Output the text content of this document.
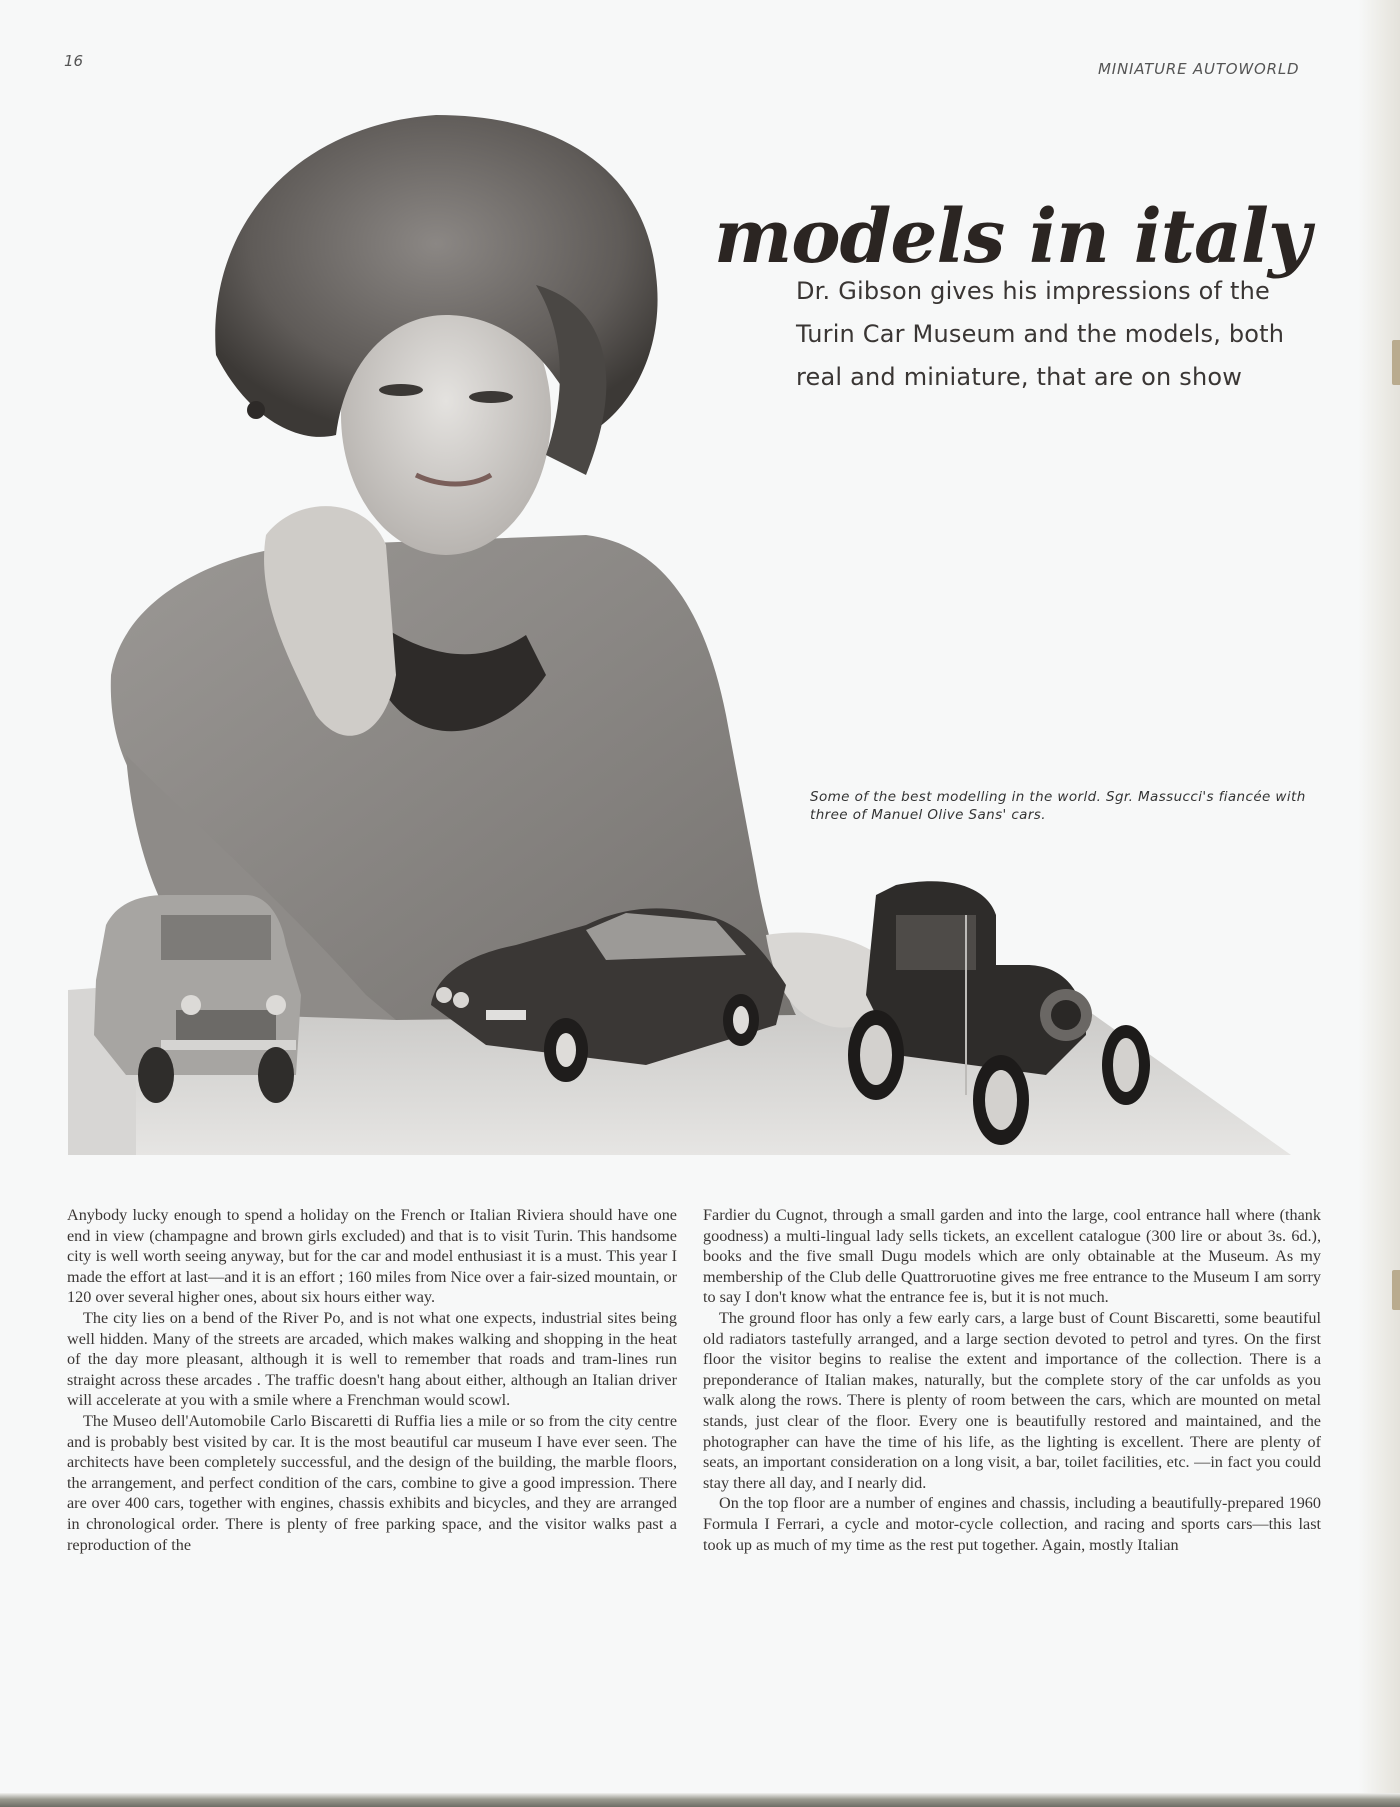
16	MINIATURE AUTOWORLD
models in italy
Dr. Gibson gives his impressions of the Turin Car Museum and the models, both real and miniature, that are on show
Some of the best modelling in the world. Sgr. Massucci's fiancée with three of Manuel Olive Sans' cars.

Anybody lucky enough to spend a holiday on the French or Italian Riviera should have one end in view (champagne and brown girls excluded) and that is to visit Turin. This handsome city is well worth seeing anyway, but for the car and model enthusiast it is a must. This year I made the effort at last—and it is an effort ; 160 miles from Nice over a fair-sized mountain, or 120 over several higher ones, about six hours either way.

The city lies on a bend of the River Po, and is not what one expects, industrial sites being well hidden. Many of the streets are arcaded, which makes walking and shopping in the heat of the day more pleasant, although it is well to remember that roads and tram-lines run straight across these arcades . The traffic doesn't hang about either, although an Italian driver will accelerate at you with a smile where a Frenchman would scowl.

The Museo dell'Automobile Carlo Biscaretti di Ruffia lies a mile or so from the city centre and is probably best visited by car. It is the most beautiful car museum I have ever seen. The architects have been completely successful, and the design of the building, the marble floors, the arrangement, and perfect condition of the cars, combine to give a good impression. There are over 400 cars, together with engines, chassis exhibits and bicycles, and they are arranged in chronological order. There is plenty of free parking space, and the visitor walks past a reproduction of the

Fardier du Cugnot, through a small garden and into the large, cool entrance hall where (thank goodness) a multi-lingual lady sells tickets, an excellent catalogue (300 lire or about 3s. 6d.), books and the five small Dugu models which are only obtainable at the Museum. As my membership of the Club delle Quattroruotine gives me free entrance to the Museum I am sorry to say I don't know what the entrance fee is, but it is not much.

The ground floor has only a few early cars, a large bust of Count Biscaretti, some beautiful old radiators tastefully arranged, and a large section devoted to petrol and tyres. On the first floor the visitor begins to realise the extent and importance of the collection. There is a preponderance of Italian makes, naturally, but the complete story of the car unfolds as you walk along the rows. There is plenty of room between the cars, which are mounted on metal stands, just clear of the floor. Every one is beautifully restored and maintained, and the photographer can have the time of his life, as the lighting is excellent. There are plenty of seats, an important consideration on a long visit, a bar, toilet facilities, etc. —in fact you could stay there all day, and I nearly did.

On the top floor are a number of engines and chassis, including a beautifully-prepared 1960 Formula I Ferrari, a cycle and motor-cycle collection, and racing and sports cars—this last took up as much of my time as the rest put together. Again, mostly Italian
